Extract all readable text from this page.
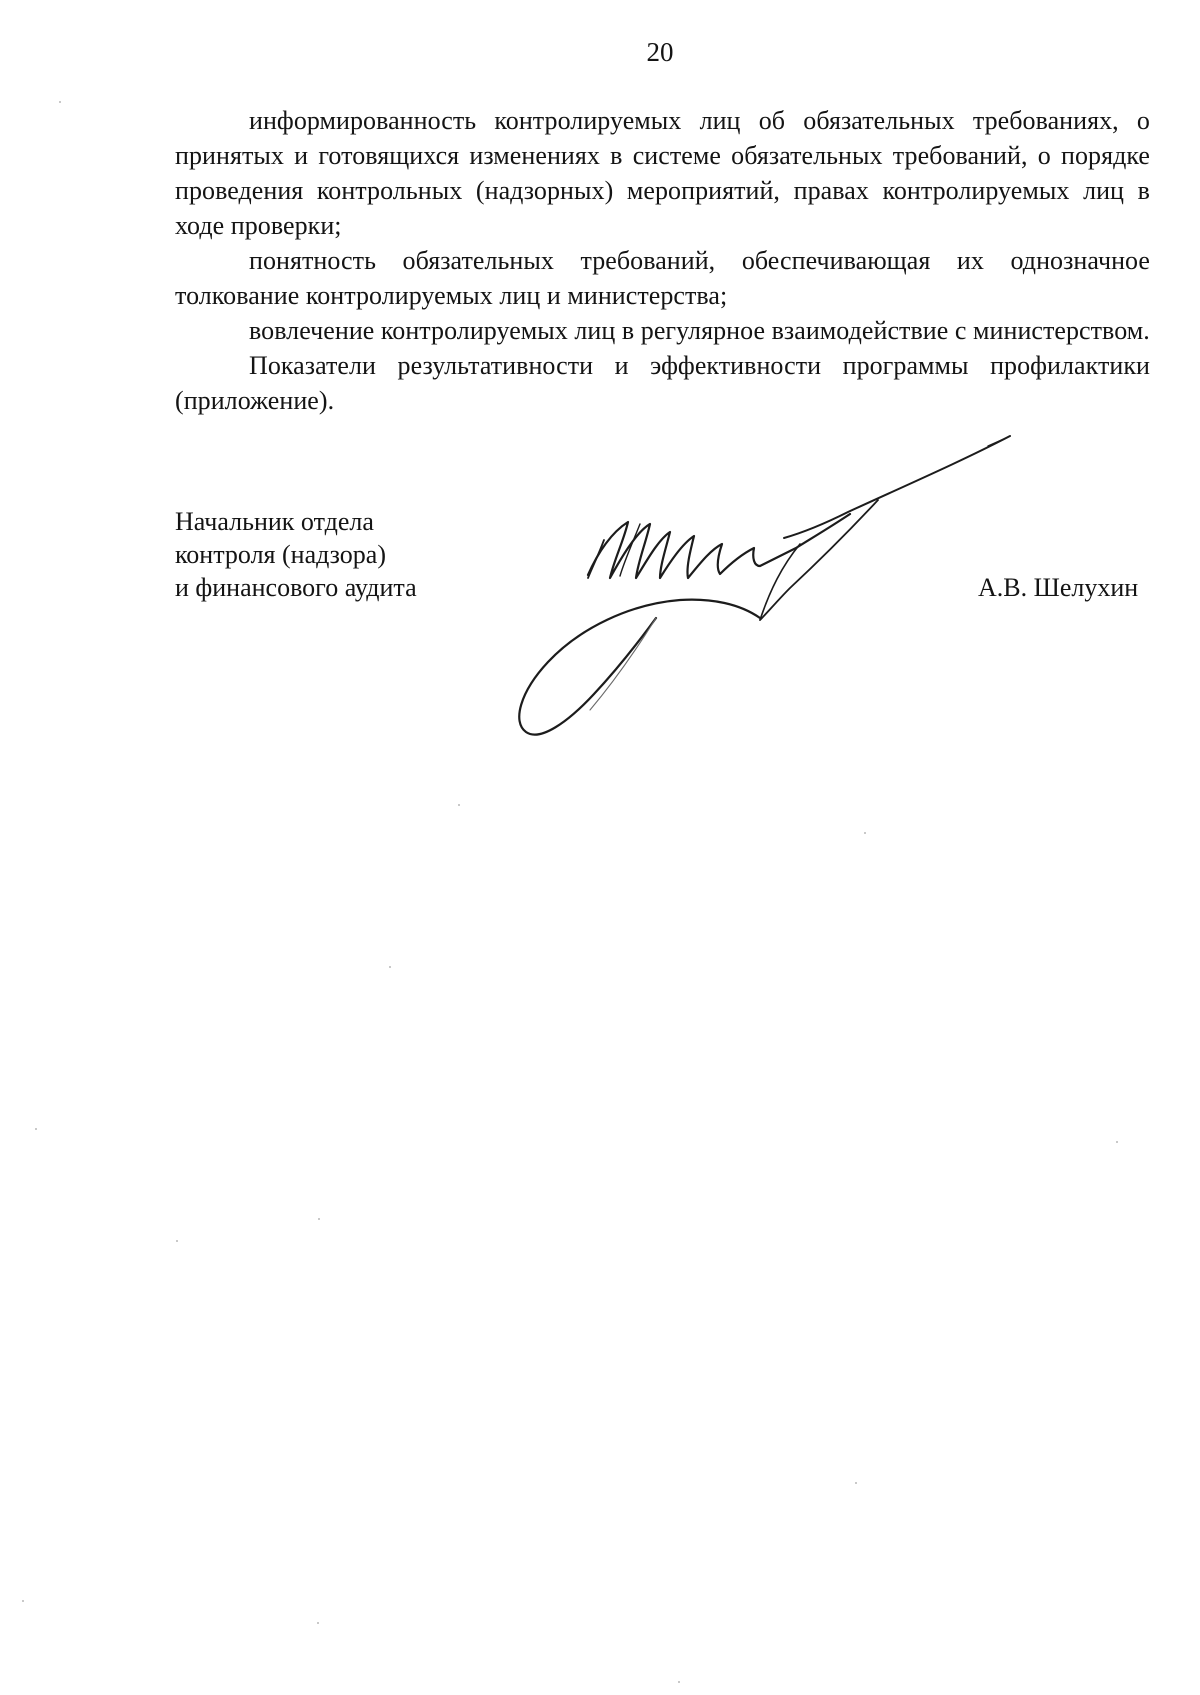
20

информированность контролируемых лиц об обязательных требованиях, о принятых и готовящихся изменениях в системе обязательных требований, о порядке проведения контрольных (надзорных) мероприятий, правах контролируемых лиц в ходе проверки;

понятность обязательных требований, обеспечивающая их однозначное толкование контролируемых лиц и министерства;

вовлечение контролируемых лиц в регулярное взаимодействие с министерством.

Показатели результативности и эффективности программы профилактики (приложение).

Начальник отдела
контроля (надзора)
и финансового аудита	А.В. Шелухин
